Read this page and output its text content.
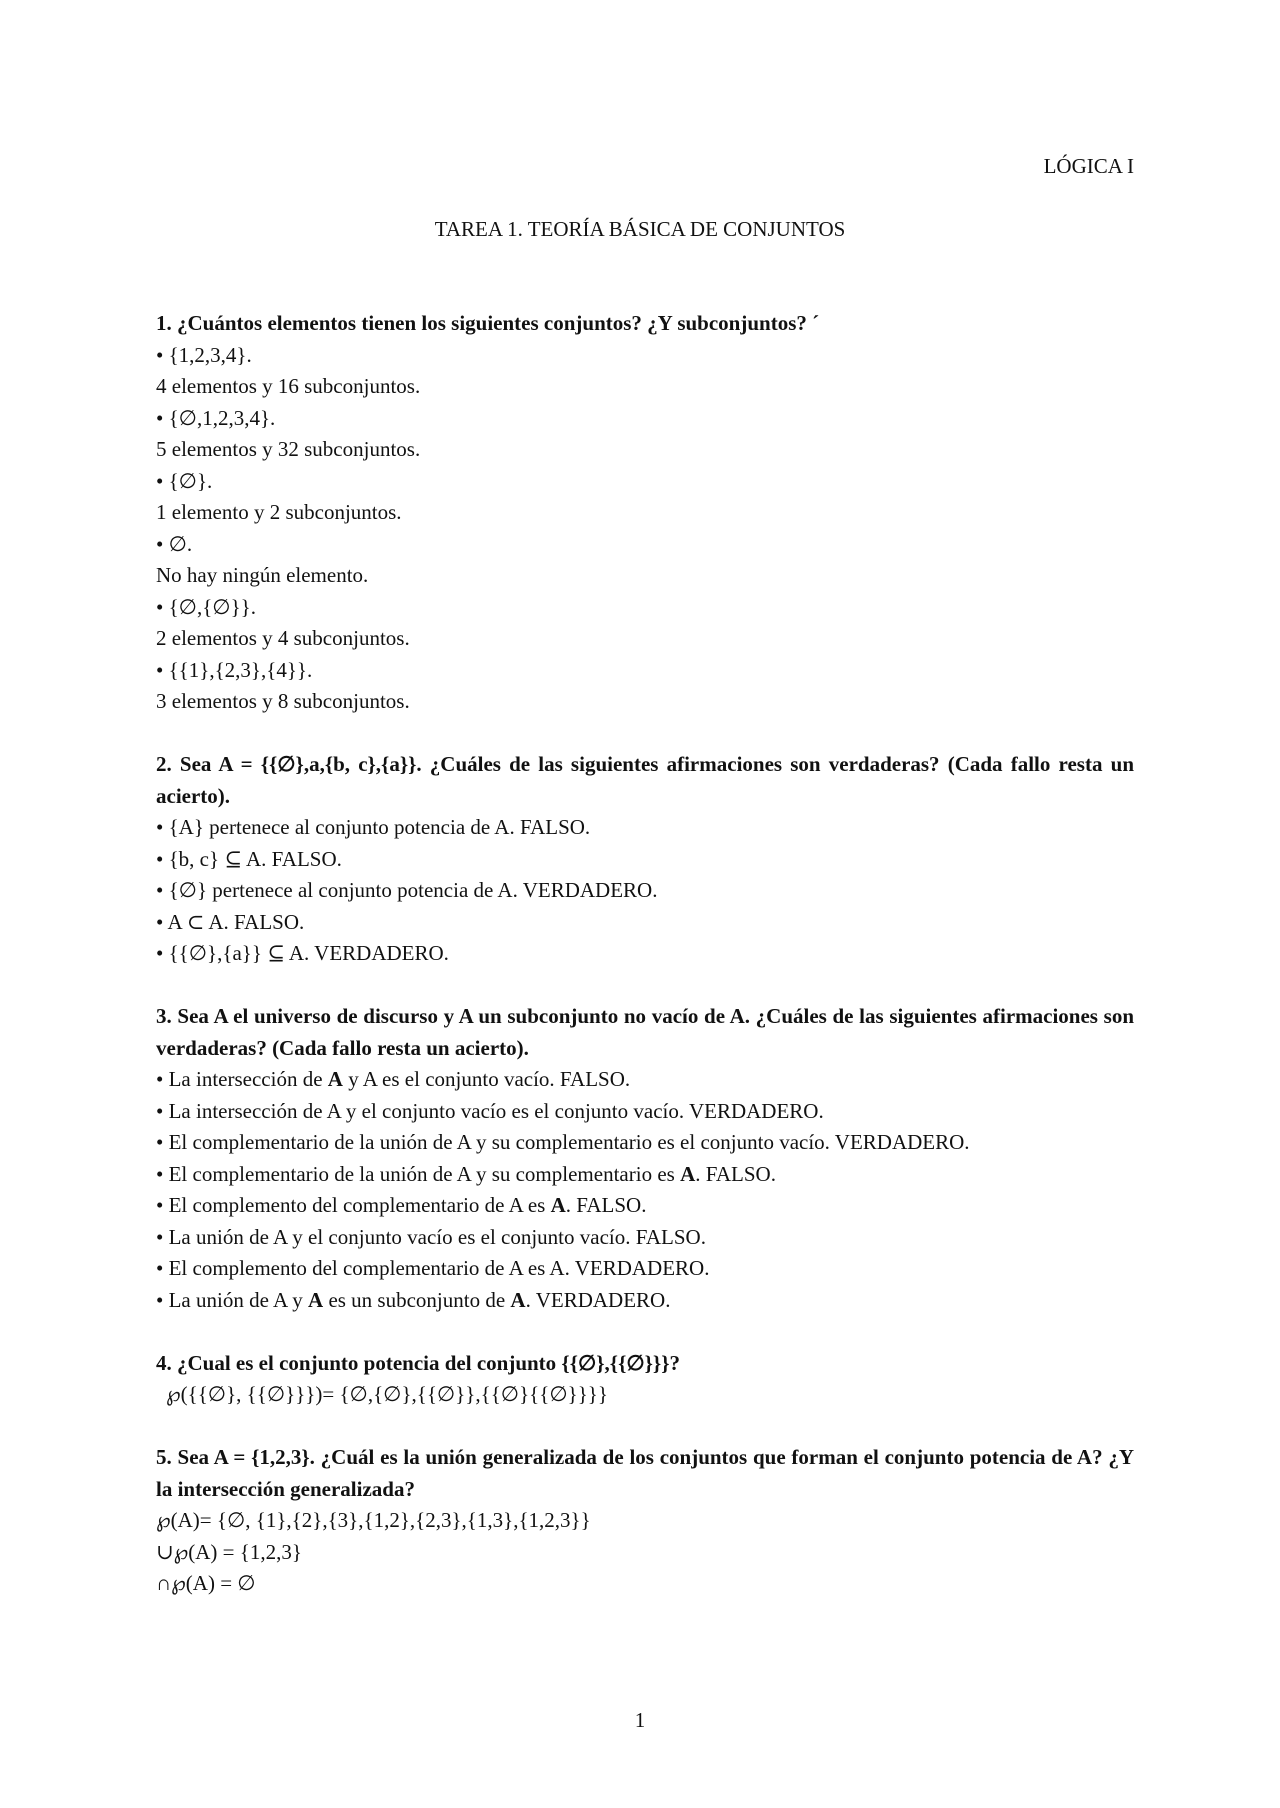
LÓGICA I
TAREA 1. TEORÍA BÁSICA DE CONJUNTOS
1. ¿Cuántos elementos tienen los siguientes conjuntos? ¿Y subconjuntos? ´
• {1,2,3,4}.
4 elementos y 16 subconjuntos.
• {∅,1,2,3,4}.
5 elementos y 32 subconjuntos.
• {∅}.
1 elemento y 2 subconjuntos.
• ∅.
No hay ningún elemento.
• {∅,{∅}}.
2 elementos y 4 subconjuntos.
• {{1},{2,3},{4}}.
3 elementos y 8 subconjuntos.
2. Sea A = {{∅},a,{b, c},{a}}. ¿Cuáles de las siguientes afirmaciones son verdaderas? (Cada fallo resta un acierto).
• {A} pertenece al conjunto potencia de A. FALSO.
• {b, c} ⊆ A. FALSO.
• {∅} pertenece al conjunto potencia de A. VERDADERO.
• A ⊂ A. FALSO.
• {{∅},{a}} ⊆ A. VERDADERO.
3. Sea A el universo de discurso y A un subconjunto no vacío de A. ¿Cuáles de las siguientes afirmaciones son verdaderas? (Cada fallo resta un acierto).
• La intersección de A y A es el conjunto vacío. FALSO.
• La intersección de A y el conjunto vacío es el conjunto vacío. VERDADERO.
• El complementario de la unión de A y su complementario es el conjunto vacío. VERDADERO.
• El complementario de la unión de A y su complementario es A. FALSO.
• El complemento del complementario de A es A. FALSO.
• La unión de A y el conjunto vacío es el conjunto vacío. FALSO.
• El complemento del complementario de A es A. VERDADERO.
• La unión de A y A es un subconjunto de A. VERDADERO.
4. ¿Cual es el conjunto potencia del conjunto {{∅},{{∅}}}?
℘({{∅}, {{∅}}})= {∅,{∅},{{∅}},{{∅}{{∅}}}}
5. Sea A = {1,2,3}. ¿Cuál es la unión generalizada de los conjuntos que forman el conjunto potencia de A? ¿Y la intersección generalizada?
℘(A)= {∅, {1},{2},{3},{1,2},{2,3},{1,3},{1,2,3}}
∪℘(A) = {1,2,3}
∩℘(A) = ∅
1
